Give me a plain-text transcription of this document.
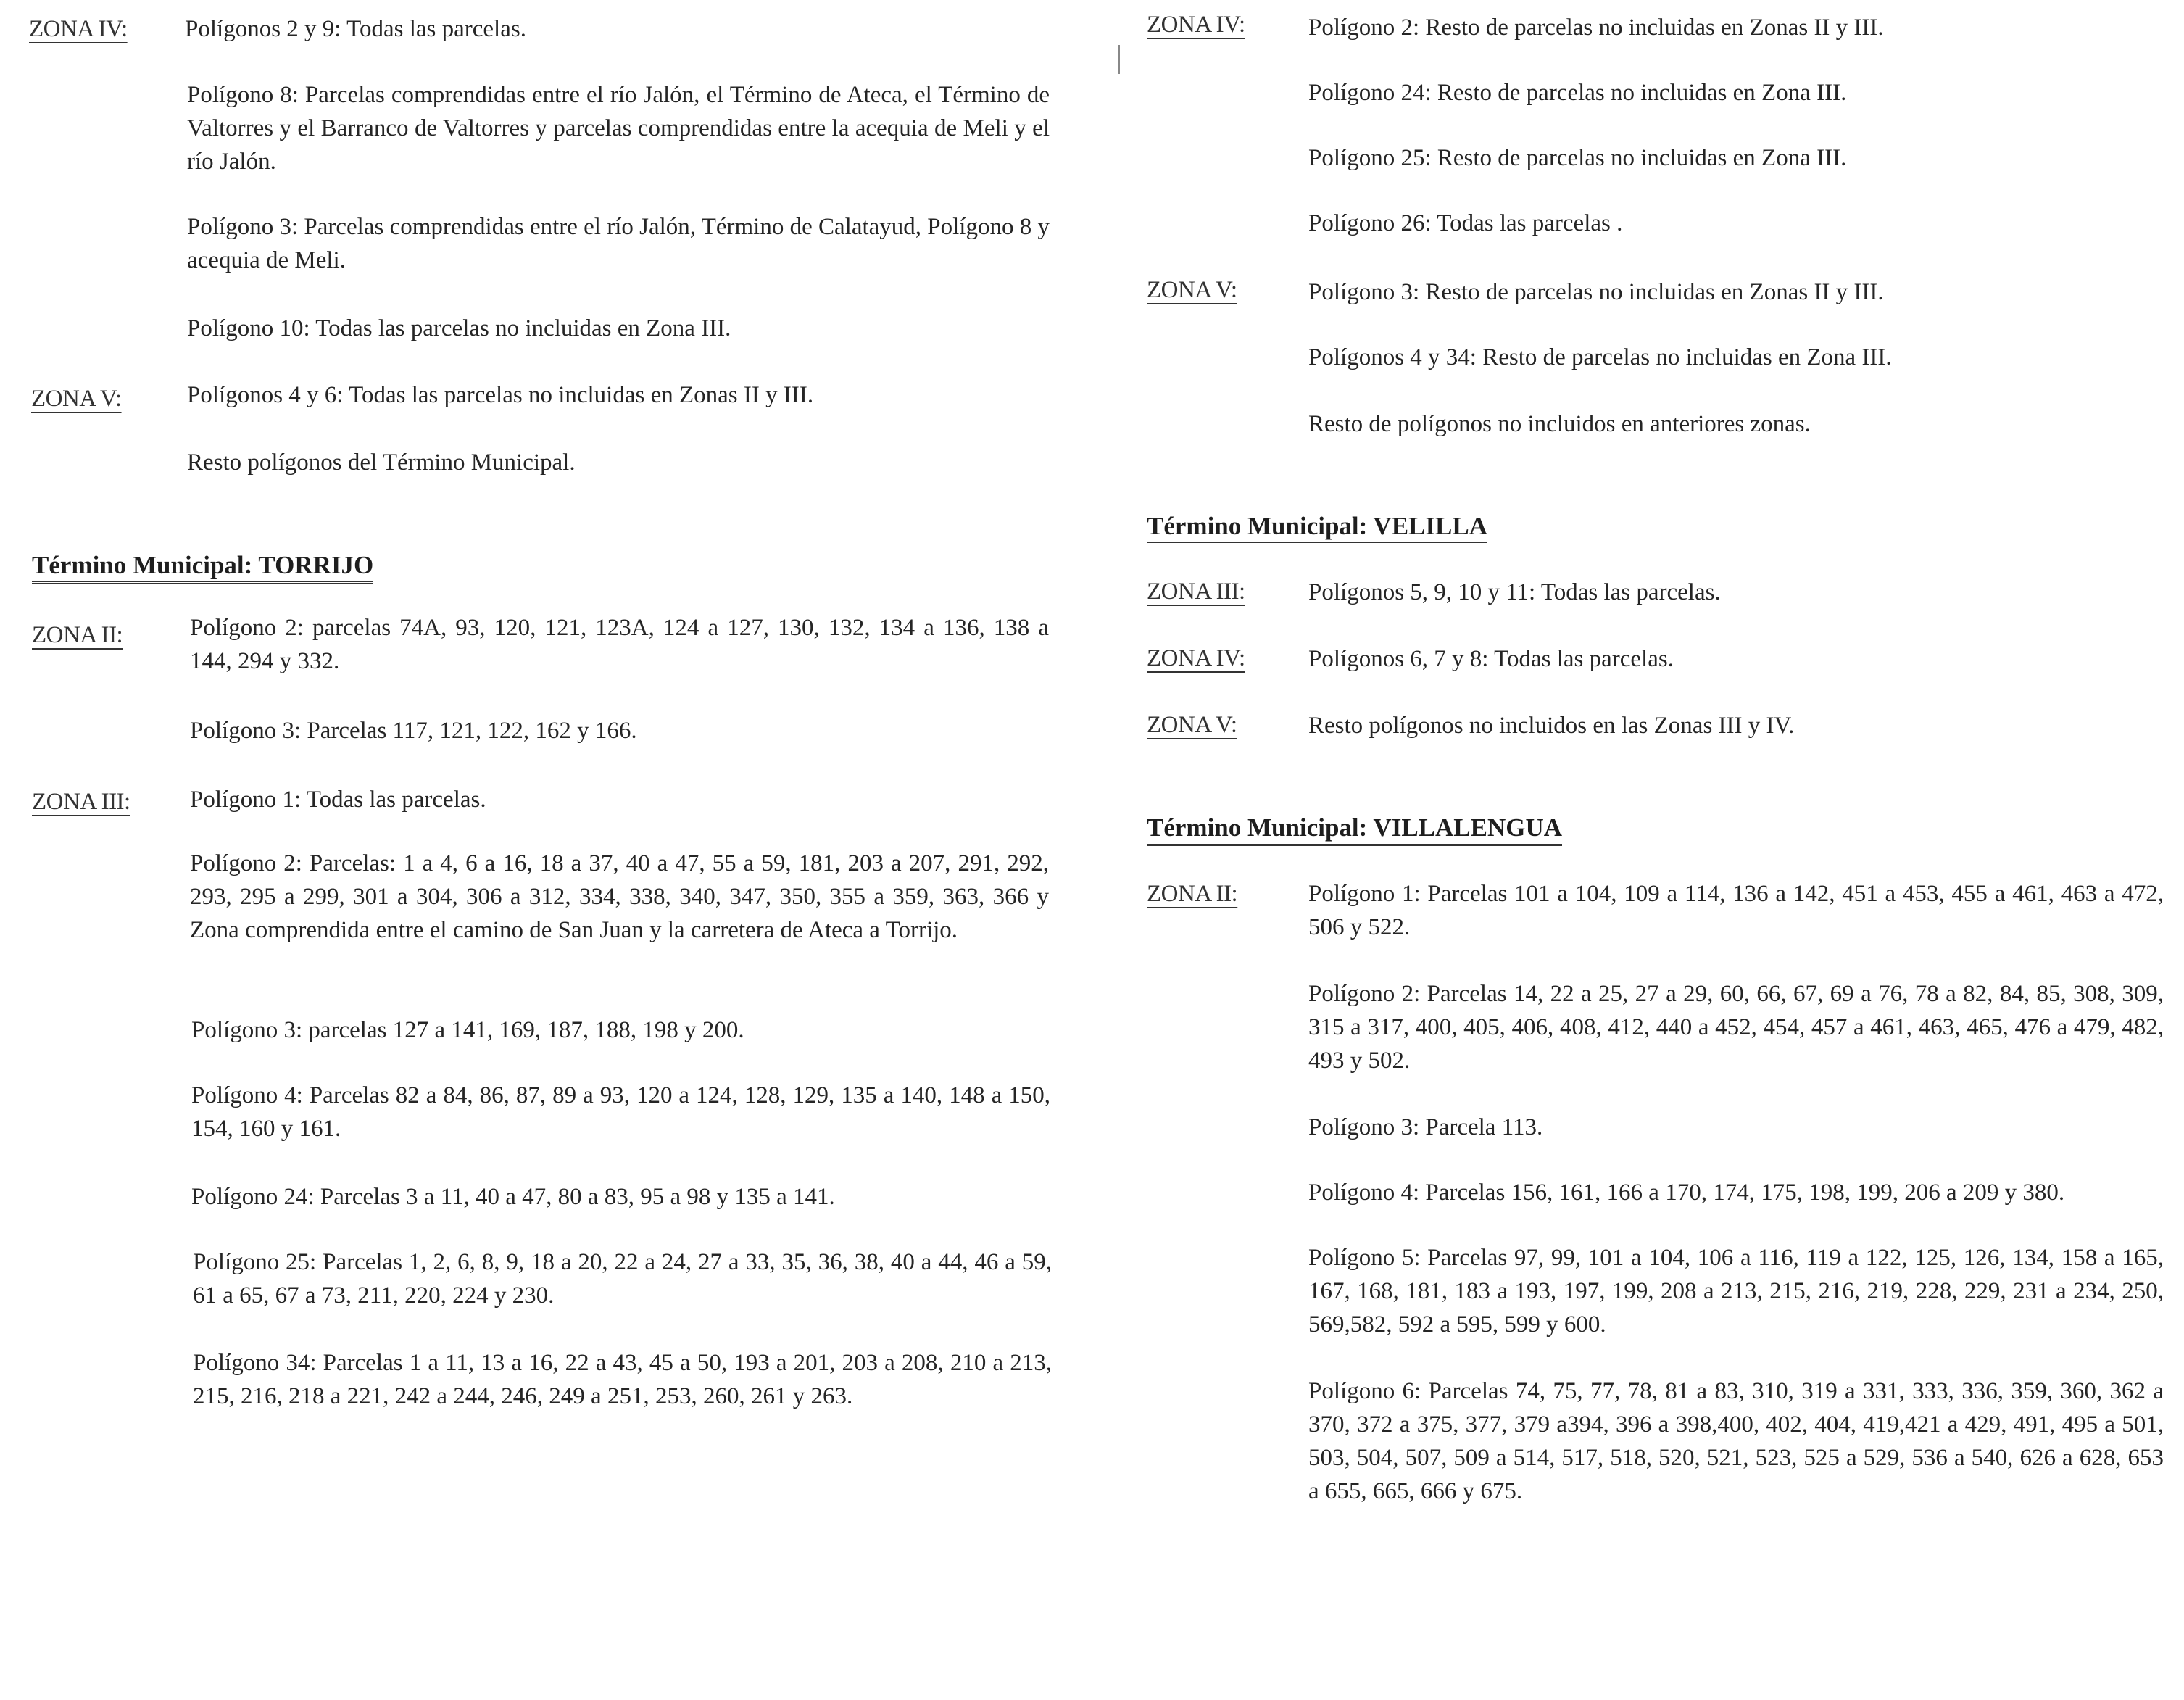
ZONA IV: Polígonos 2 y 9: Todas las parcelas.
Polígono 8: Parcelas comprendidas entre el río Jalón, el Término de Ateca, el Término de Valtorres y el Barranco de Valtorres y parcelas comprendidas entre la acequia de Meli y el río Jalón.
Polígono 3: Parcelas comprendidas entre el río Jalón, Término de Calatayud, Polígono 8 y acequia de Meli.
Polígono 10: Todas las parcelas no incluidas en Zona III.
ZONA V:	Polígonos 4 y 6: Todas las parcelas no incluidas en Zonas II y III.
Resto polígonos del Término Municipal.
Término Municipal: TORRIJO
ZONA II:	Polígono 2: parcelas 74A, 93, 120, 121, 123A, 124 a 127, 130, 132, 134 a 136, 138 a 144, 294 y 332.
Polígono 3: Parcelas 117, 121, 122, 162 y 166.
ZONA III: Polígono 1: Todas las parcelas.
Polígono 2: Parcelas: 1 a 4, 6 a 16, 18 a 37, 40 a 47, 55 a 59, 181, 203 a 207, 291, 292, 293, 295 a 299, 301 a 304, 306 a 312, 334, 338, 340, 347, 350, 355 a 359, 363, 366 y Zona comprendida entre el camino de San Juan y la carretera de Ateca a Torrijo.
Polígono 3: parcelas 127 a 141, 169, 187, 188, 198 y 200.
Polígono 4: Parcelas 82 a 84, 86, 87, 89 a 93, 120 a 124, 128, 129, 135 a 140, 148 a 150, 154, 160 y 161.
Polígono 24: Parcelas 3 a 11, 40 a 47, 80 a 83, 95 a 98 y 135 a 141.
Polígono 25: Parcelas 1, 2, 6, 8, 9, 18 a 20, 22 a 24, 27 a 33, 35, 36, 38, 40 a 44, 46 a 59, 61 a 65, 67 a 73, 211, 220, 224 y 230.
Polígono 34: Parcelas 1 a 11, 13 a 16, 22 a 43, 45 a 50, 193 a 201, 203 a 208, 210 a 213, 215, 216, 218 a 221, 242 a 244, 246, 249 a 251, 253, 260, 261 y 263.
ZONA IV:	Polígono 2: Resto de parcelas no incluidas en Zonas II y III.
Polígono 24: Resto de parcelas no incluidas en Zona III.
Polígono 25: Resto de parcelas no incluidas en Zona III.
Polígono 26: Todas las parcelas .
ZONA V:	Polígono 3: Resto de parcelas no incluidas en Zonas II y III.
Polígonos 4 y 34: Resto de parcelas no incluidas en Zona III.
Resto de polígonos no incluidos en anteriores zonas.
Término Municipal: VELILLA
ZONA III:	Polígonos 5, 9, 10 y 11: Todas las parcelas.
ZONA IV:	Polígonos 6, 7 y 8: Todas las parcelas.
ZONA V:	Resto polígonos no incluidos en las Zonas III y IV.
Término Municipal: VILLALENGUA
ZONA II:	Polígono 1: Parcelas 101 a 104, 109 a 114, 136 a 142, 451 a 453, 455 a 461, 463 a 472, 506 y 522.
Polígono 2: Parcelas 14, 22 a 25, 27 a 29, 60, 66, 67, 69 a 76, 78 a 82, 84, 85, 308, 309, 315 a 317, 400, 405, 406, 408, 412, 440 a 452, 454, 457 a 461, 463, 465, 476 a 479, 482, 493 y 502.
Polígono 3: Parcela 113.
Polígono 4: Parcelas 156, 161, 166 a 170, 174, 175, 198, 199, 206 a 209 y 380.
Polígono 5: Parcelas 97, 99, 101 a 104, 106 a 116, 119 a 122, 125, 126, 134, 158 a 165, 167, 168, 181, 183 a 193, 197, 199, 208 a 213, 215, 216, 219, 228, 229, 231 a 234, 250, 569,582, 592 a 595, 599 y 600.
Polígono 6: Parcelas 74, 75, 77, 78, 81 a 83, 310, 319 a 331, 333, 336, 359, 360, 362 a 370, 372 a 375, 377, 379 a394, 396 a 398,400, 402, 404, 419,421 a 429, 491, 495 a 501, 503, 504, 507, 509 a 514, 517, 518, 520, 521, 523, 525 a 529, 536 a 540, 626 a 628, 653 a 655, 665, 666 y 675.
